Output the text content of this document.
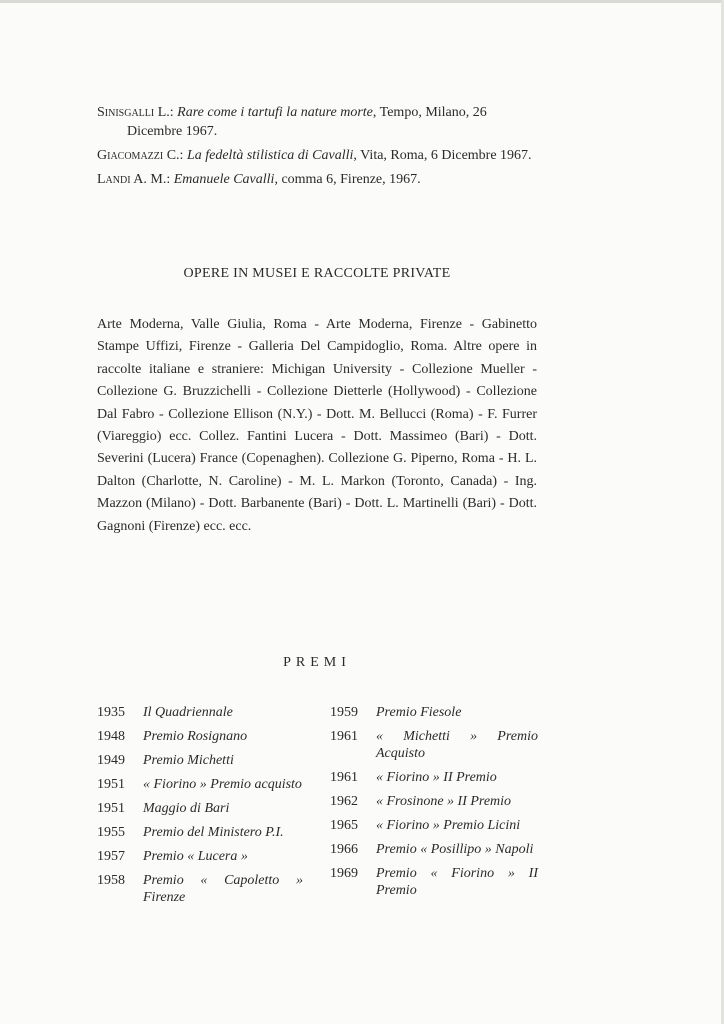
Sinisgalli L.: Rare come i tartufi la nature morte, Tempo, Milano, 26 Dicembre 1967.

Giacomazzi C.: La fedeltà stilistica di Cavalli, Vita, Roma, 6 Dicembre 1967.

Landi A. M.: Emanuele Cavalli, comma 6, Firenze, 1967.

OPERE IN MUSEI E RACCOLTE PRIVATE

Arte Moderna, Valle Giulia, Roma - Arte Moderna, Firenze - Gabinetto Stampe Uffizi, Firenze - Galleria Del Campidoglio, Roma. Altre opere in raccolte italiane e straniere: Michigan University - Collezione Mueller - Collezione G. Bruzzichelli - Collezione Dietterle (Hollywood) - Collezione Dal Fabro - Collezione Ellison (N.Y.) - Dott. M. Bellucci (Roma) - F. Furrer (Viareggio) ecc. Collez. Fantini Lucera - Dott. Massimeo (Bari) - Dott. Severini (Lucera) France (Copenaghen). Collezione G. Piperno, Roma - H. L. Dalton (Charlotte, N. Caroline) - M. L. Markon (Toronto, Canada) - Ing. Mazzon (Milano) - Dott. Barbanente (Bari) - Dott. L. Martinelli (Bari) - Dott. Gagnoni (Firenze) ecc. ecc.

PREMI
1935	Il Quadriennale
1948	Premio Rosignano
1949	Premio Michetti
1951	« Fiorino » Premio acquisto
1951	Maggio di Bari
1955	Premio del Ministero P.I.
1957	Premio « Lucera »
1958	Premio « Capoletto » Firenze
1959	Premio Fiesole
1961	« Michetti » Premio Acquisto
1961	« Fiorino » II Premio
1962	« Frosinone » II Premio
1965	« Fiorino » Premio Licini
1966	Premio « Posillipo » Napoli
1969	Premio « Fiorino » II Premio
